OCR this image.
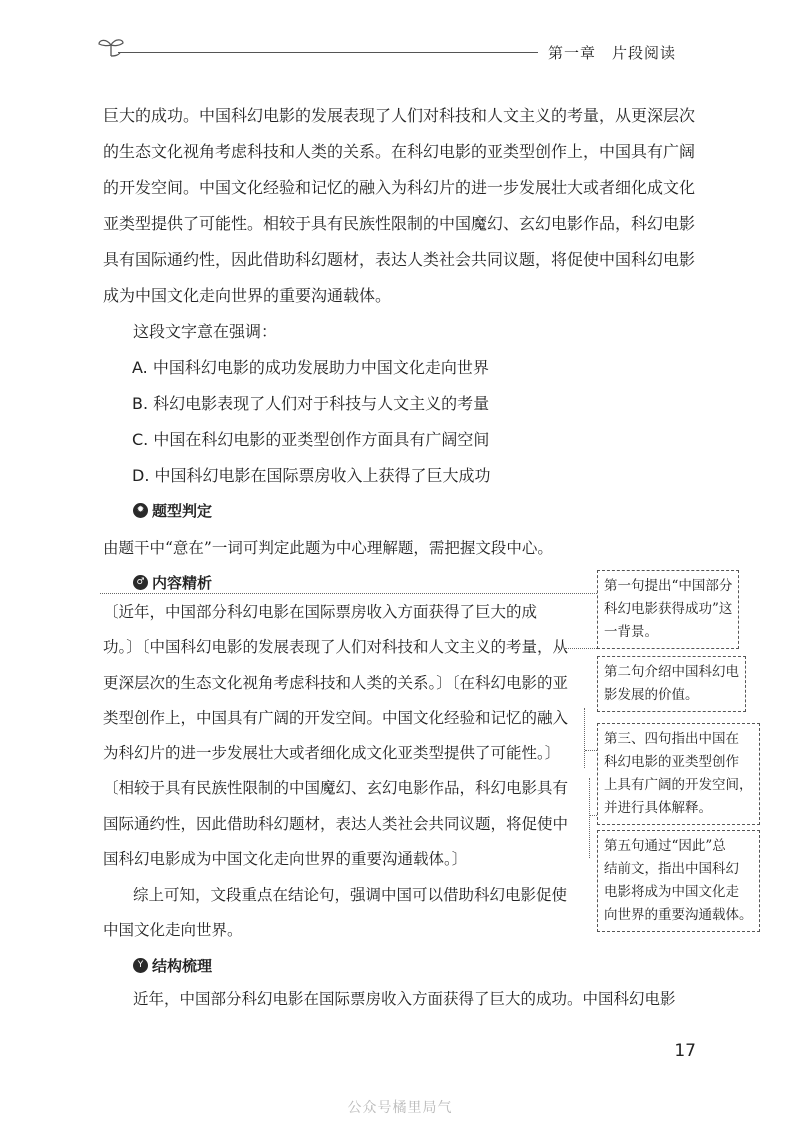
第一章　片段阅读
巨大的成功。中国科幻电影的发展表现了人们对科技和人文主义的考量，从更深层次
的生态文化视角考虑科技和人类的关系。在科幻电影的亚类型创作上，中国具有广阔
的开发空间。中国文化经验和记忆的融入为科幻片的进一步发展壮大或者细化成文化
亚类型提供了可能性。相较于具有民族性限制的中国魔幻、玄幻电影作品，科幻电影
具有国际通约性，因此借助科幻题材，表达人类社会共同议题，将促使中国科幻电影
成为中国文化走向世界的重要沟通载体。
这段文字意在强调：
A. 中国科幻电影的成功发展助力中国文化走向世界
B. 科幻电影表现了人们对于科技与人文主义的考量
C. 中国在科幻电影的亚类型创作方面具有广阔空间
D. 中国科幻电影在国际票房收入上获得了巨大成功
✹ 题型判定
由题干中“意在”一词可判定此题为中心理解题，需把握文段中心。
♂ 内容精析
〔近年，中国部分科幻电影在国际票房收入方面获得了巨大的成
功。〕〔中国科幻电影的发展表现了人们对科技和人文主义的考量，从
更深层次的生态文化视角考虑科技和人类的关系。〕〔在科幻电影的亚
类型创作上，中国具有广阔的开发空间。中国文化经验和记忆的融入
为科幻片的进一步发展壮大或者细化成文化亚类型提供了可能性。〕
〔相较于具有民族性限制的中国魔幻、玄幻电影作品，科幻电影具有
国际通约性，因此借助科幻题材，表达人类社会共同议题，将促使中
国科幻电影成为中国文化走向世界的重要沟通载体。〕
综上可知，文段重点在结论句，强调中国可以借助科幻电影促使
中国文化走向世界。
第一句提出“中国部分
科幻电影获得成功”这
一背景。
第二句介绍中国科幻电
影发展的价值。
第三、四句指出中国在
科幻电影的亚类型创作
上具有广阔的开发空间，
并进行具体解释。
第五句通过“因此”总
结前文，指出中国科幻
电影将成为中国文化走
向世界的重要沟通载体。
Y 结构梳理
近年，中国部分科幻电影在国际票房收入方面获得了巨大的成功。中国科幻电影
17
公众号橘里局气
